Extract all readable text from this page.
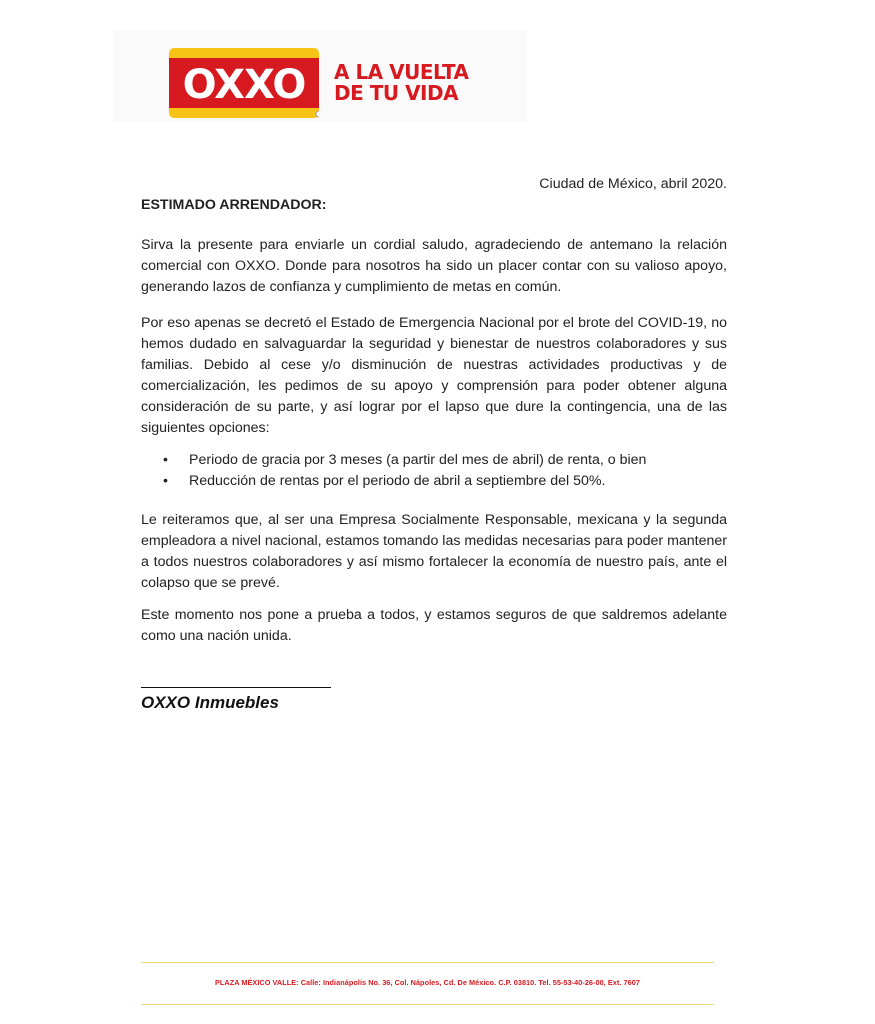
OXXO A LA VUELTA
DE TU VIDA
Ciudad de México, abril 2020.
ESTIMADO ARRENDADOR:

Sirva la presente para enviarle un cordial saludo, agradeciendo de antemano la relación comercial con OXXO. Donde para nosotros ha sido un placer contar con su valioso apoyo, generando lazos de confianza y cumplimiento de metas en común.

Por eso apenas se decretó el Estado de Emergencia Nacional por el brote del COVID-19, no hemos dudado en salvaguardar la seguridad y bienestar de nuestros colaboradores y sus familias. Debido al cese y/o disminución de nuestras actividades productivas y de comercialización, les pedimos de su apoyo y comprensión para poder obtener alguna consideración de su parte, y así lograr por el lapso que dure la contingencia, una de las siguientes opciones:

• Periodo de gracia por 3 meses (a partir del mes de abril) de renta, o bien
• Reducción de rentas por el periodo de abril a septiembre del 50%.

Le reiteramos que, al ser una Empresa Socialmente Responsable, mexicana y la segunda empleadora a nivel nacional, estamos tomando las medidas necesarias para poder mantener a todos nuestros colaboradores y así mismo fortalecer la economía de nuestro país, ante el colapso que se prevé.

Este momento nos pone a prueba a todos, y estamos seguros de que saldremos adelante como una nación unida.

OXXO Inmuebles
PLAZA MÉXICO VALLE: Calle: Indianápolis No. 36, Col. Nápoles, Cd. De México. C.P. 03810. Tel. 55-53-40-26-00, Ext. 7607
